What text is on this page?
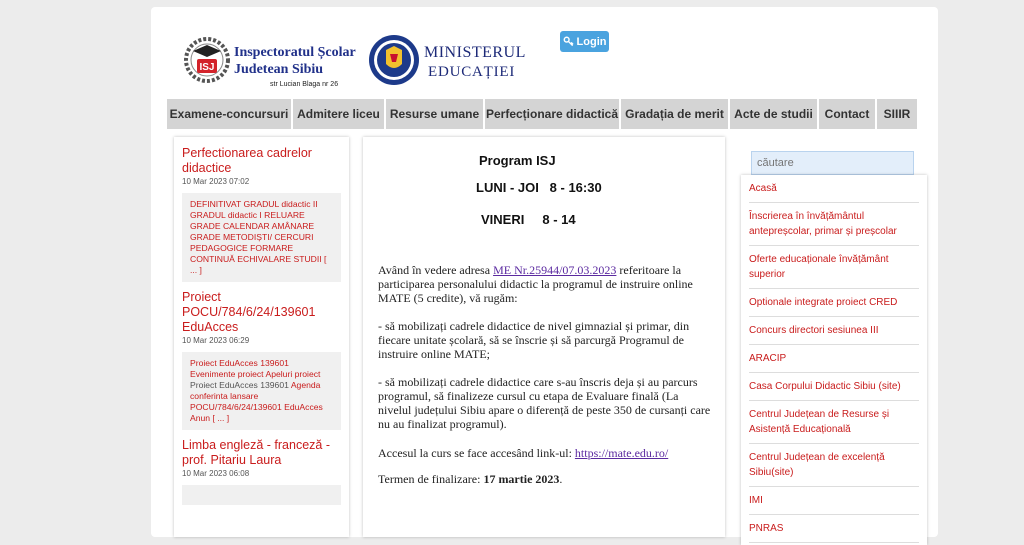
ISJ
Inspectoratul Școlar
Judetean Sibiu
str Lucian Blaga nr 26
MINISTERUL
EDUCAȚIEI
Login
Examene-concursuri Admitere liceu Resurse umane Perfecționare didactică Gradația de merit Acte de studii Contact	SIIIR
Perfectionarea cadrelor didactice
10 Mar 2023 07:02
DEFINITIVAT GRADUL didactic II GRADUL didactic I RELUARE GRADE CALENDAR AMÂNARE GRADE METODIȘTI/ CERCURI PEDAGOGICE FORMARE CONTINUĂ ECHIVALARE STUDII [ ... ]
Proiect POCU/784/6/24/139601 EduAcces
10 Mar 2023 06:29
Proiect EduAcces 139601 Evenimente proiect Apeluri proiect Proiect EduAcces 139601 Agenda conferinta lansare POCU/784/6/24/139601 EduAcces Anun [ ... ]
Limba engleză - franceză - prof. Pitariu Laura
10 Mar 2023 06:08
Program ISJ
LUNI - JOI   8 - 16:30
VINERI     8 - 14
Având în vedere adresa ME Nr.25944/07.03.2023 referitoare la participarea personalului didactic la programul de instruire online MATE (5 credite), vă rugăm:
- să mobilizați cadrele didactice de nivel gimnazial și primar, din fiecare unitate școlară, să se înscrie și să parcurgă Programul de instruire online MATE;
- să mobilizați cadrele didactice care s-au înscris deja și au parcurs programul, să finalizeze cursul cu etapa de Evaluare finală (La nivelul județului Sibiu apare o diferență de peste 350 de cursanți care nu au finalizat programul).
Accesul la curs se face accesând link-ul: https://mate.edu.ro/
Termen de finalizare: 17 martie 2023.
căutare
Acasă
Înscrierea în învățământul antepreșcolar, primar și preșcolar
Oferte educaționale învățământ superior
Optionale integrate proiect CRED
Concurs directori sesiunea III
ARACIP
Casa Corpului Didactic Sibiu (site)
Centrul Județean de Resurse și Asistență Educațională
Centrul Județean de excelență Sibiu(site)
IMI
PNRAS
